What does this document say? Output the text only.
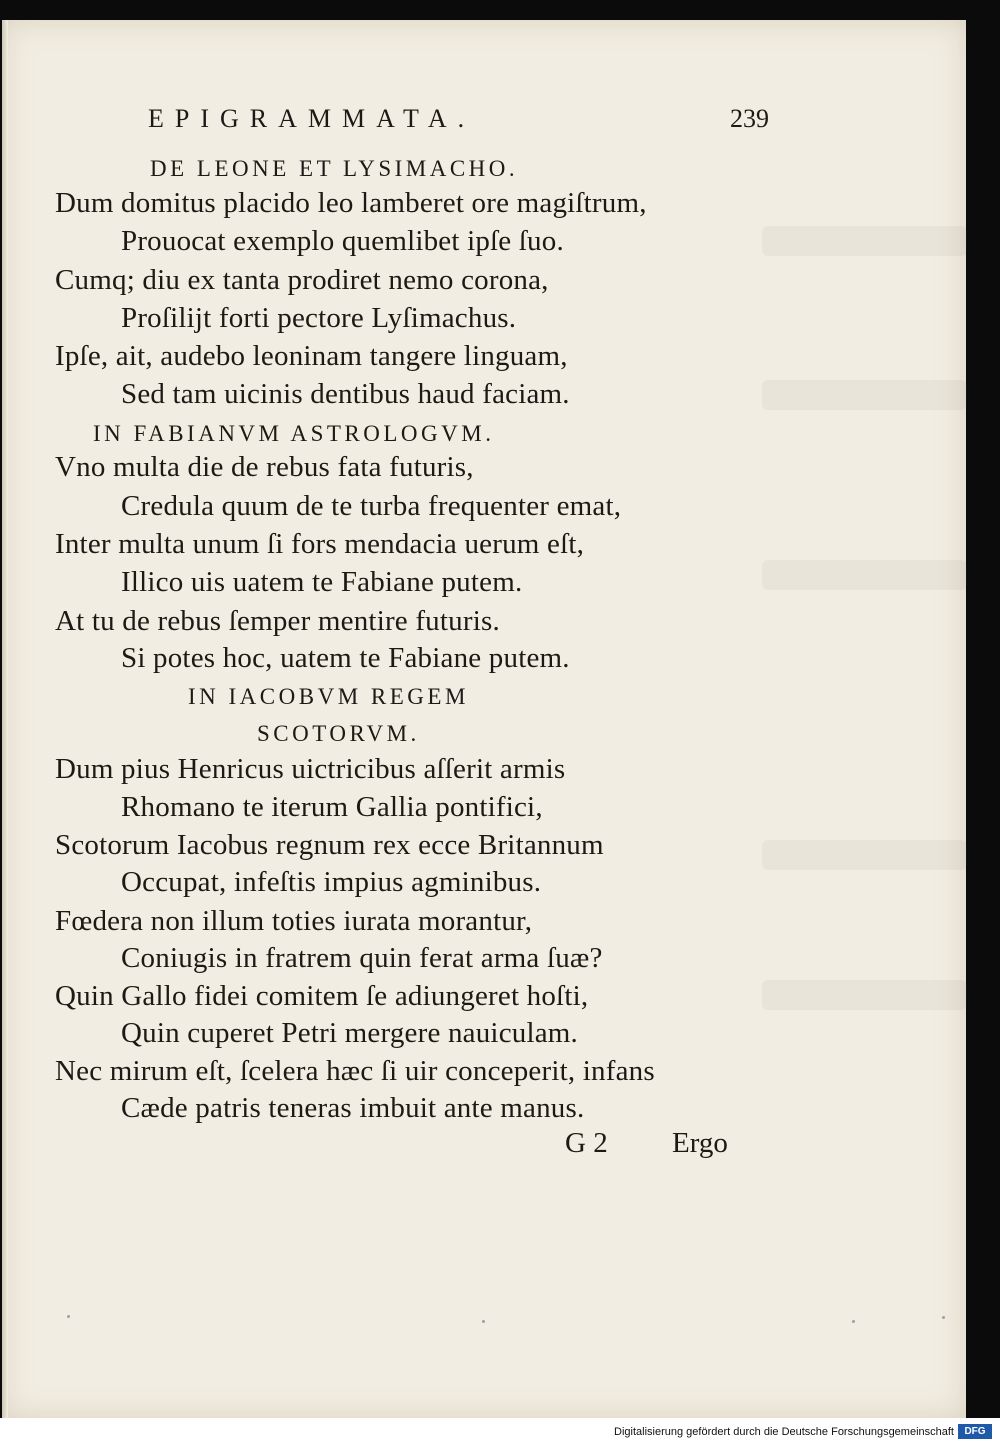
EPIGRAMMATA.	239
DE LEONE ET LYSIMACHO.
Dum domitus placido leo lamberet ore magiſtrum,
Prouocat exemplo quemlibet ipſe ſuo.
Cumq; diu ex tanta prodiret nemo corona,
Proſilijt forti pectore Lyſimachus.
Ipſe, ait, audebo leoninam tangere linguam,
Sed tam uicinis dentibus haud faciam.
IN FABIANVM ASTROLOGVM.
Vno multa die de rebus fata futuris,
Credula quum de te turba frequenter emat,
Inter multa unum ſi fors mendacia uerum eſt,
Illico uis uatem te Fabiane putem.
At tu de rebus ſemper mentire futuris.
Si potes hoc, uatem te Fabiane putem.
IN IACOBVM REGEM
SCOTORVM.
Dum pius Henricus uictricibus aſſerit armis
Rhomano te iterum Gallia pontifici,
Scotorum Iacobus regnum rex ecce Britannum
Occupat, infeſtis impius agminibus.
Fœdera non illum toties iurata morantur,
Coniugis in fratrem quin ferat arma ſuæ?
Quin Gallo fidei comitem ſe adiungeret hoſti,
Quin cuperet Petri mergere nauiculam.
Nec mirum eſt, ſcelera hæc ſi uir conceperit, infans
Cæde patris teneras imbuit ante manus.
G 2 Ergo
Digitalisierung gefördert durch die Deutsche Forschungsgemeinschaft	DFG
